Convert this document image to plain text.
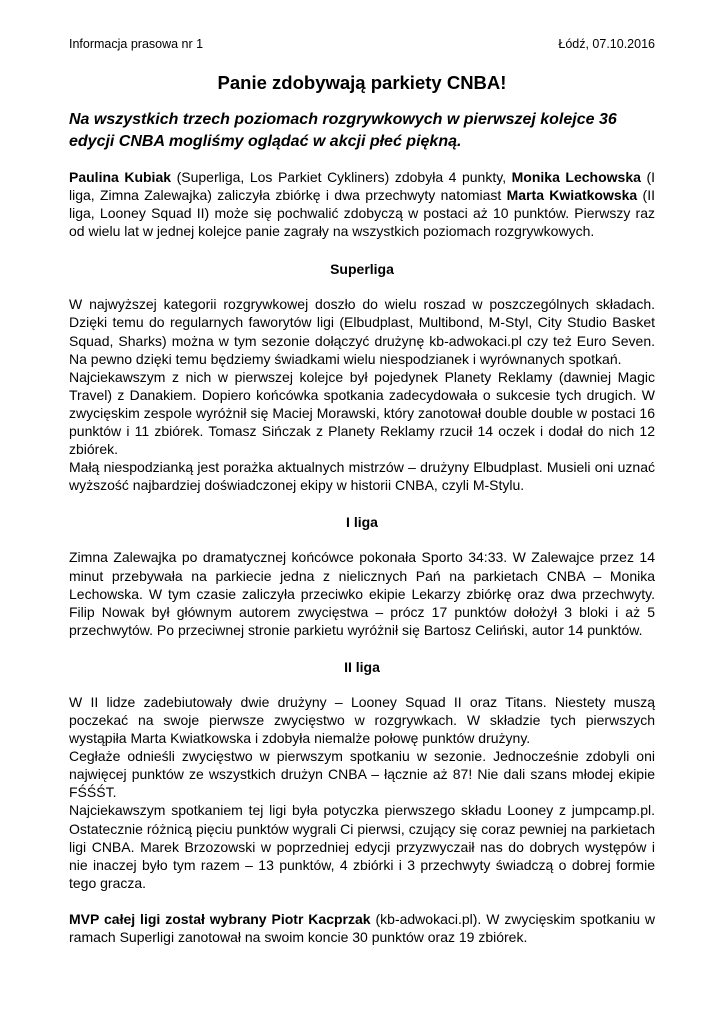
Informacja prasowa nr 1	Łódź, 07.10.2016
Panie zdobywają parkiety CNBA!
Na wszystkich trzech poziomach rozgrywkowych w pierwszej kolejce 36 edycji CNBA mogliśmy oglądać w akcji płeć piękną.

Paulina Kubiak (Superliga, Los Parkiet Cykliners) zdobyła 4 punkty, Monika Lechowska (I liga, Zimna Zalewajka) zaliczyła zbiórkę i dwa przechwyty natomiast Marta Kwiatkowska (II liga, Looney Squad II) może się pochwalić zdobyczą w postaci aż 10 punktów. Pierwszy raz od wielu lat w jednej kolejce panie zagrały na wszystkich poziomach rozgrywkowych.

Superliga

W najwyższej kategorii rozgrywkowej doszło do wielu roszad w poszczególnych składach. Dzięki temu do regularnych faworytów ligi (Elbudplast, Multibond, M-Styl, City Studio Basket Squad, Sharks) można w tym sezonie dołączyć drużynę kb-adwokaci.pl czy też Euro Seven. Na pewno dzięki temu będziemy świadkami wielu niespodzianek i wyrównanych spotkań.

Najciekawszym z nich w pierwszej kolejce był pojedynek Planety Reklamy (dawniej Magic Travel) z Danakiem. Dopiero końcówka spotkania zadecydowała o sukcesie tych drugich. W zwycięskim zespole wyróżnił się Maciej Morawski, który zanotował double double w postaci 16 punktów i 11 zbiórek. Tomasz Sińczak z Planety Reklamy rzucił 14 oczek i dodał do nich 12 zbiórek.

Małą niespodzianką jest porażka aktualnych mistrzów – drużyny Elbudplast. Musieli oni uznać wyższość najbardziej doświadczonej ekipy w historii CNBA, czyli M-Stylu.

I liga

Zimna Zalewajka po dramatycznej końcówce pokonała Sporto 34:33. W Zalewajce przez 14 minut przebywała na parkiecie jedna z nielicznych Pań na parkietach CNBA – Monika Lechowska. W tym czasie zaliczyła przeciwko ekipie Lekarzy zbiórkę oraz dwa przechwyty. Filip Nowak był głównym autorem zwycięstwa – prócz 17 punktów dołożył 3 bloki i aż 5 przechwytów. Po przeciwnej stronie parkietu wyróżnił się Bartosz Celiński, autor 14 punktów.

II liga

W II lidze zadebiutowały dwie drużyny – Looney Squad II oraz Titans. Niestety muszą poczekać na swoje pierwsze zwycięstwo w rozgrywkach. W składzie tych pierwszych wystąpiła Marta Kwiatkowska i zdobyła niemalże połowę punktów drużyny.

Cegłaże odnieśli zwycięstwo w pierwszym spotkaniu w sezonie. Jednocześnie zdobyli oni najwięcej punktów ze wszystkich drużyn CNBA – łącznie aż 87! Nie dali szans młodej ekipie FŚŚŚT.

Najciekawszym spotkaniem tej ligi była potyczka pierwszego składu Looney z jumpcamp.pl. Ostatecznie różnicą pięciu punktów wygrali Ci pierwsi, czujący się coraz pewniej na parkietach ligi CNBA. Marek Brzozowski w poprzedniej edycji przyzwyczaił nas do dobrych występów i nie inaczej było tym razem – 13 punktów, 4 zbiórki i 3 przechwyty świadczą o dobrej formie tego gracza.

MVP całej ligi został wybrany Piotr Kacprzak (kb-adwokaci.pl). W zwycięskim spotkaniu w ramach Superligi zanotował na swoim koncie 30 punktów oraz 19 zbiórek.
